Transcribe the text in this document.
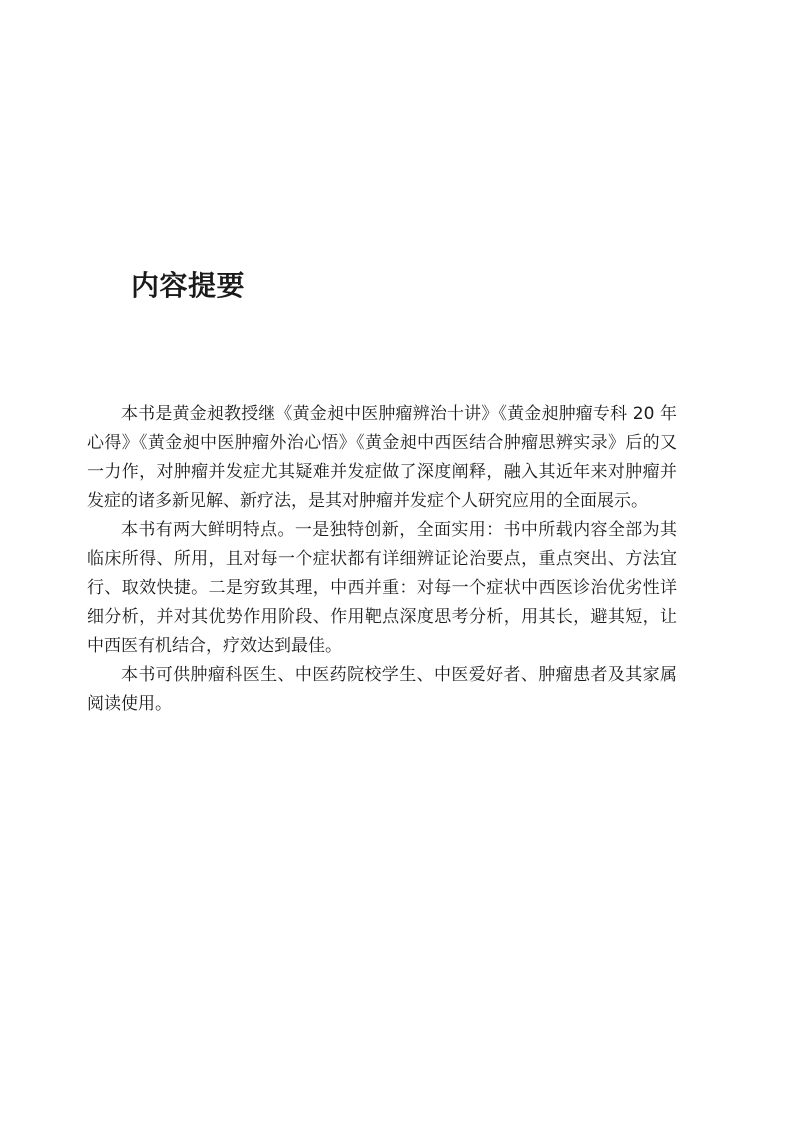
内容提要

本书是黄金昶教授继《黄金昶中医肿瘤辨治十讲》《黄金昶肿瘤专科 20 年心得》《黄金昶中医肿瘤外治心悟》《黄金昶中西医结合肿瘤思辨实录》后的又一力作，对肿瘤并发症尤其疑难并发症做了深度阐释，融入其近年来对肿瘤并发症的诸多新见解、新疗法，是其对肿瘤并发症个人研究应用的全面展示。

本书有两大鲜明特点。一是独特创新，全面实用：书中所载内容全部为其临床所得、所用，且对每一个症状都有详细辨证论治要点，重点突出、方法宜行、取效快捷。二是穷致其理，中西并重：对每一个症状中西医诊治优劣性详细分析，并对其优势作用阶段、作用靶点深度思考分析，用其长，避其短，让中西医有机结合，疗效达到最佳。

本书可供肿瘤科医生、中医药院校学生、中医爱好者、肿瘤患者及其家属阅读使用。
